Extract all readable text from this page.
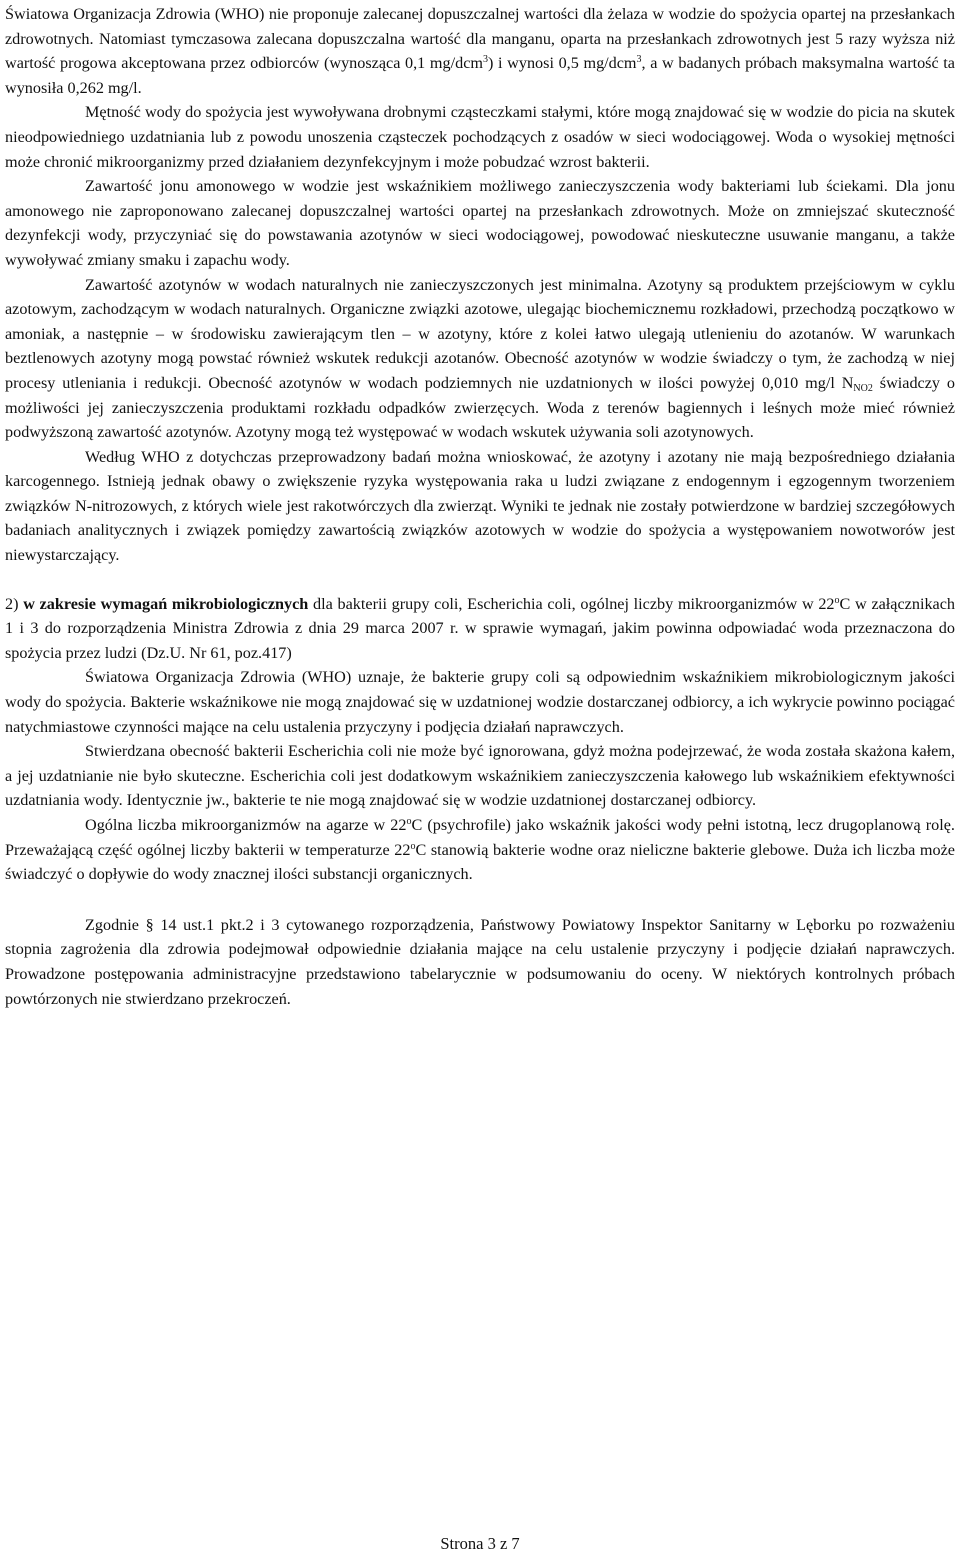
Światowa Organizacja Zdrowia (WHO) nie proponuje zalecanej dopuszczalnej wartości dla żelaza w wodzie do spożycia opartej na przesłankach zdrowotnych. Natomiast tymczasowa zalecana dopuszczalna wartość dla manganu, oparta na przesłankach zdrowotnych jest 5 razy wyższa niż wartość progowa akceptowana przez odbiorców (wynosząca 0,1 mg/dcm$^3$) i wynosi 0,5 mg/dcm$^3$, a w badanych próbach maksymalna wartość ta wynosiła 0,262 mg/l.

Mętność wody do spożycia jest wywoływana drobnymi cząsteczkami stałymi, które mogą znajdować się w wodzie do picia na skutek nieodpowiedniego uzdatniania lub z powodu unoszenia cząsteczek pochodzących z osadów w sieci wodociągowej. Woda o wysokiej mętności może chronić mikroorganizmy przed działaniem dezynfekcyjnym i może pobudzać wzrost bakterii.

Zawartość jonu amonowego w wodzie jest wskaźnikiem możliwego zanieczyszczenia wody bakteriami lub ściekami. Dla jonu amonowego nie zaproponowano zalecanej dopuszczalnej wartości opartej na przesłankach zdrowotnych. Może on zmniejszać skuteczność dezynfekcji wody, przyczyniać się do powstawania azotynów w sieci wodociągowej, powodować nieskuteczne usuwanie manganu, a także wywoływać zmiany smaku i zapachu wody.

Zawartość azotynów w wodach naturalnych nie zanieczyszczonych jest minimalna. Azotyny są produktem przejściowym w cyklu azotowym, zachodzącym w wodach naturalnych. Organiczne związki azotowe, ulegając biochemicznemu rozkładowi, przechodzą początkowo w amoniak, a następnie – w środowisku zawierającym tlen – w azotyny, które z kolei łatwo ulegają utlenieniu do azotanów. W warunkach beztlenowych azotyny mogą powstać również wskutek redukcji azotanów. Obecność azotynów w wodzie świadczy o tym, że zachodzą w niej procesy utleniania i redukcji. Obecność azotynów w wodach podziemnych nie uzdatnionych w ilości powyżej 0,010 mg/l $N_{NO2}$ świadczy o możliwości jej zanieczyszczenia produktami rozkładu odpadków zwierzęcych. Woda z terenów bagiennych i leśnych może mieć również podwyższoną zawartość azotynów. Azotyny mogą też występować w wodach wskutek używania soli azotynowych.

Według WHO z dotychczas przeprowadzony badań można wnioskować, że azotyny i azotany nie mają bezpośredniego działania karcogennego. Istnieją jednak obawy o zwiększenie ryzyka występowania raka u ludzi związane z endogennym i egzogennym tworzeniem związków N-nitrozowych, z których wiele jest rakotwórczych dla zwierząt. Wyniki te jednak nie zostały potwierdzone w bardziej szczegółowych badaniach analitycznych i związek pomiędzy zawartością związków azotowych w wodzie do spożycia a występowaniem nowotworów jest niewystarczający.

2) w zakresie wymagań mikrobiologicznych dla bakterii grupy coli, Escherichia coli, ogólnej liczby mikroorganizmów w 22$^o$C w załącznikach 1 i 3 do rozporządzenia Ministra Zdrowia z dnia 29 marca 2007 r. w sprawie wymagań, jakim powinna odpowiadać woda przeznaczona do spożycia przez ludzi (Dz.U. Nr 61, poz.417)

Światowa Organizacja Zdrowia (WHO) uznaje, że bakterie grupy coli są odpowiednim wskaźnikiem mikrobiologicznym jakości wody do spożycia. Bakterie wskaźnikowe nie mogą znajdować się w uzdatnionej wodzie dostarczanej odbiorcy, a ich wykrycie powinno pociągać natychmiastowe czynności mające na celu ustalenia przyczyny i podjęcia działań naprawczych.

Stwierdzana obecność bakterii Escherichia coli nie może być ignorowana, gdyż można podejrzewać, że woda została skażona kałem, a jej uzdatnianie nie było skuteczne. Escherichia coli jest dodatkowym wskaźnikiem zanieczyszczenia kałowego lub wskaźnikiem efektywności uzdatniania wody. Identycznie jw., bakterie te nie mogą znajdować się w wodzie uzdatnionej dostarczanej odbiorcy.

Ogólna liczba mikroorganizmów na agarze w 22$^o$C (psychrofile) jako wskaźnik jakości wody pełni istotną, lecz drugoplanową rolę. Przeważającą część ogólnej liczby bakterii w temperaturze 22$^o$C stanowią bakterie wodne oraz nieliczne bakterie glebowe. Duża ich liczba może świadczyć o dopływie do wody znacznej ilości substancji organicznych.

Zgodnie § 14 ust.1 pkt.2 i 3 cytowanego rozporządzenia, Państwowy Powiatowy Inspektor Sanitarny w Lęborku po rozważeniu stopnia zagrożenia dla zdrowia podejmował odpowiednie działania mające na celu ustalenie przyczyny i podjęcie działań naprawczych. Prowadzone postępowania administracyjne przedstawiono tabelarycznie w podsumowaniu do oceny. W niektórych kontrolnych próbach powtórzonych nie stwierdzano przekroczeń.

Strona 3 z 7
